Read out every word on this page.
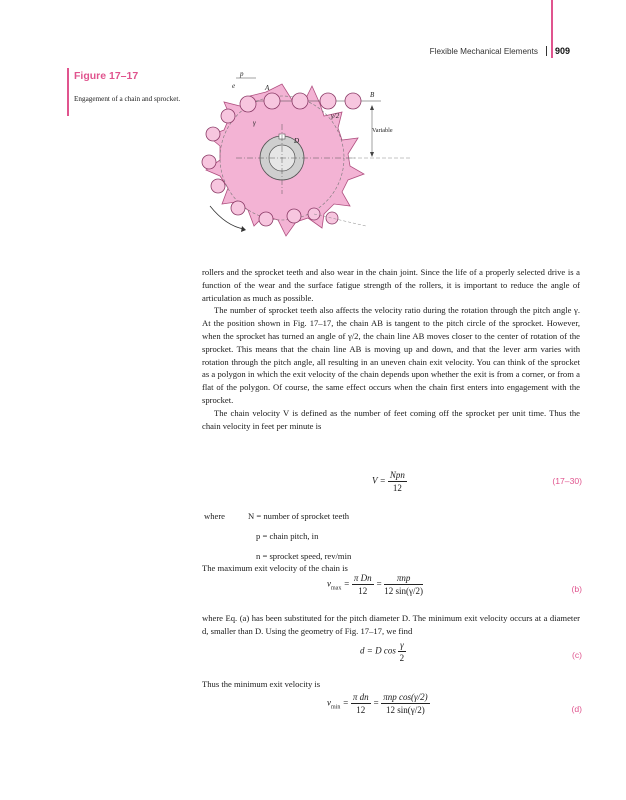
Flexible Mechanical Elements 909
Figure 17–17
Engagement of a chain and sprocket.
p
e	A
B
γ
γ/2
D
Variable

rollers and the sprocket teeth and also wear in the chain joint. Since the life of a properly selected drive is a function of the wear and the surface fatigue strength of the rollers, it is important to reduce the angle of articulation as much as possible.

The number of sprocket teeth also affects the velocity ratio during the rotation through the pitch angle γ. At the position shown in Fig. 17–17, the chain AB is tangent to the pitch circle of the sprocket. However, when the sprocket has turned an angle of γ/2, the chain line AB moves closer to the center of rotation of the sprocket. This means that the chain line AB is moving up and down, and that the lever arm varies with rotation through the pitch angle, all resulting in an uneven chain exit velocity. You can think of the sprocket as a polygon in which the exit velocity of the chain depends upon whether the exit is from a corner, or from a flat of the polygon. Of course, the same effect occurs when the chain first enters into engagement with the sprocket.

The chain velocity V is defined as the number of feet coming off the sprocket per unit time. Thus the chain velocity in feet per minute is

$V = \frac{\text{Npn}}{12}$	(17–30)
where	N = number of sprocket teeth
	p = chain pitch, in
	n = sprocket speed, rev/min

The maximum exit velocity of the chain is

$v_{max} = \frac{\text{π Dn}}{12} = \frac{\text{πnp}}{12 \sin(\gamma/2)}$	(b)

where Eq. (a) has been substituted for the pitch diameter D. The minimum exit velocity occurs at a diameter d, smaller than D. Using the geometry of Fig. 17–17, we find

d = D $\cos \frac{\gamma}{2}$	(c)

Thus the minimum exit velocity is

$v_{min} = \frac{\text{π dn}}{12} = \frac{\text{πnp cos(γ/2)}}{12 \sin(\gamma/2)}$	(d)
